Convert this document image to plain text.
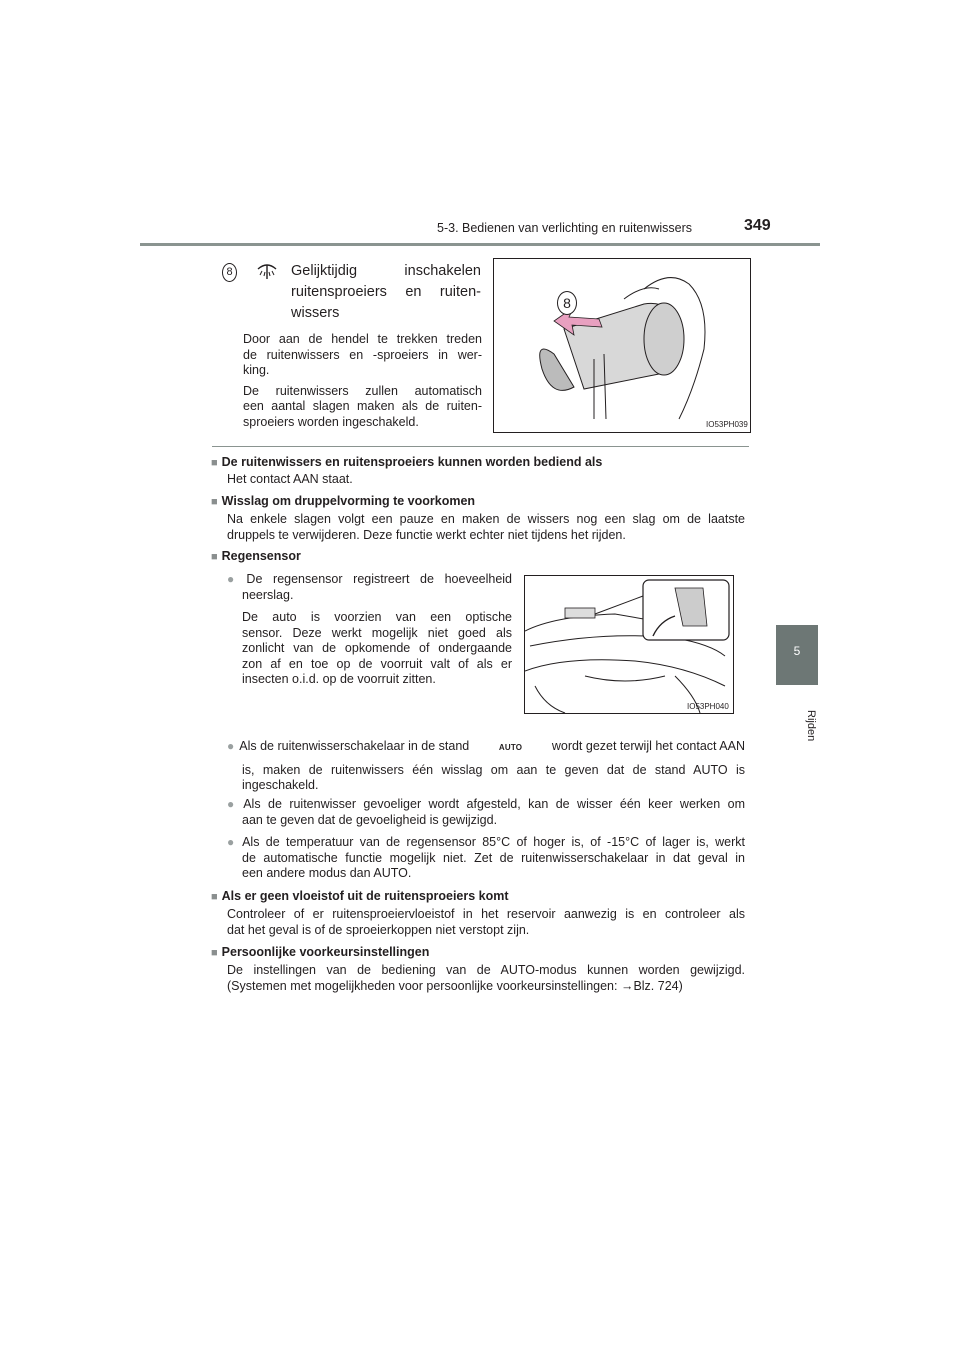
5-3. Bedienen van verlichting en ruitenwissers	349
5
Rijden
8	Gelijktijdig inschakelen
ruitensproeiers en ruiten-
wissers
Door aan de hendel te trekken treden
de ruitenwissers en -sproeiers in wer-
king.
De ruitenwissers zullen automatisch
een aantal slagen maken als de ruiten-
sproeiers worden ingeschakeld.
8
IO53PH039
■ De ruitenwissers en ruitensproeiers kunnen worden bediend als
Het contact AAN staat.
■ Wisslag om druppelvorming te voorkomen
Na enkele slagen volgt een pauze en maken de wissers nog een slag om de laatste
druppels te verwijderen. Deze functie werkt echter niet tijdens het rijden.
■ Regensensor
● De regensensor registreert de hoeveelheid
neerslag.
De auto is voorzien van een optische
sensor. Deze werkt mogelijk niet goed als
zonlicht van de opkomende of ondergaande
zon af en toe op de voorruit valt of als er
insecten o.i.d. op de voorruit zitten.
IO53PH040
● Als de ruitenwisserschakelaar in de stand	AUTO wordt gezet terwijl het contact AAN
is, maken de ruitenwissers één wisslag om aan te geven dat de stand AUTO is
ingeschakeld.
● Als de ruitenwisser gevoeliger wordt afgesteld, kan de wisser één keer werken om
aan te geven dat de gevoeligheid is gewijzigd.
● Als de temperatuur van de regensensor 85°C of hoger is, of -15°C of lager is, werkt
de automatische functie mogelijk niet. Zet de ruitenwisserschakelaar in dat geval in
een andere modus dan AUTO.
■ Als er geen vloeistof uit de ruitensproeiers komt
Controleer of er ruitensproeiervloeistof in het reservoir aanwezig is en controleer als
dat het geval is of de sproeierkoppen niet verstopt zijn.
■ Persoonlijke voorkeursinstellingen
De instellingen van de bediening van de AUTO-modus kunnen worden gewijzigd.
(Systemen met mogelijkheden voor persoonlijke voorkeursinstellingen: →Blz. 724)
